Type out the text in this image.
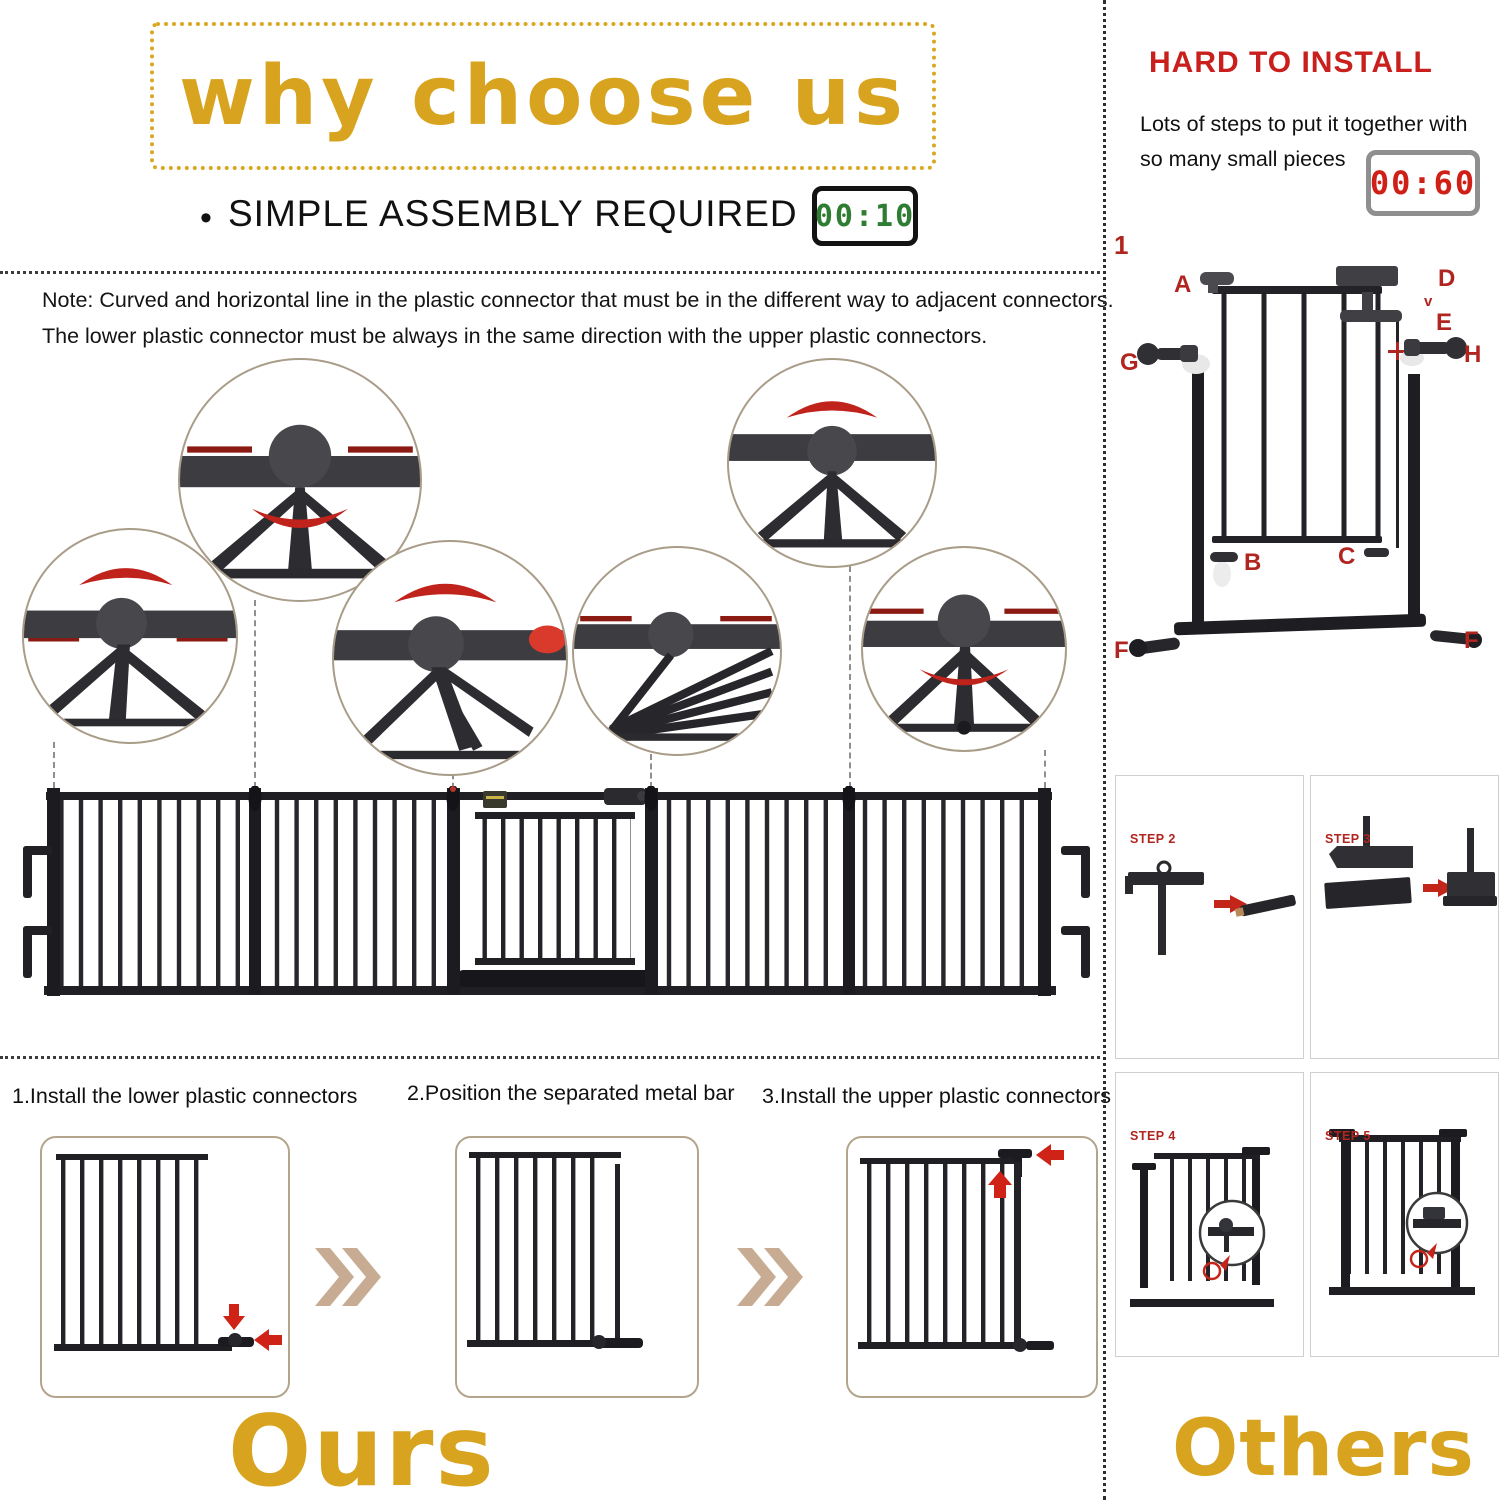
why choose us
• SIMPLE ASSEMBLY REQUIRED 00:10
Note: Curved and horizontal line in the plastic connector that must be in the different way to adjacent connectors.
The lower plastic connector must be always in the same direction with the upper plastic connectors.
1.Install the lower plastic connectors 2.Position the separated metal bar 3.Install the upper plastic connectors
Ours
HARD TO INSTALL
Lots of steps to put it together with
so many small pieces
00:60
1
A	D
v
E
G	H
B	C
F	F
STEP 2	STEP 3
STEP 4	STEP 5
Others
